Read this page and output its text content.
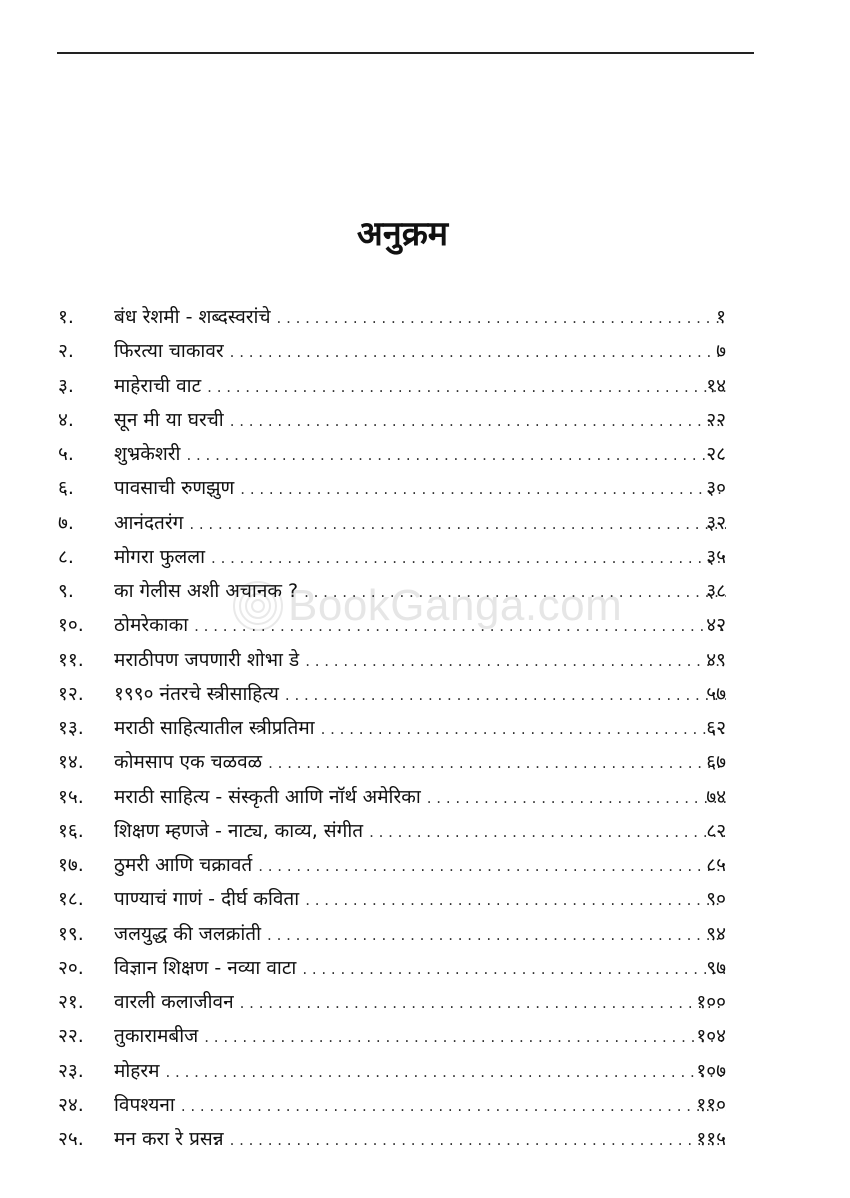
अनुक्रम
BookGanga.com
१. बंध रेशमी - शब्दस्वरांचे . . .	१
२. फिरत्या चाकावर . . .	७
३. माहेराची वाट . . .	१४
४. सून मी या घरची . . .	२२
५. शुभ्रकेशरी . . .	२८
६. पावसाची रुणझुण . . .	३०
७. आनंदतरंग . . .	३२
८. मोगरा फुलला . . .	३५
९. का गेलीस अशी अचानक ? . . .	३८
१०. ठोमरेकाका . . .	४२
११. मराठीपण जपणारी शोभा डे . . .	४९
१२. १९९० नंतरचे स्त्रीसाहित्य . . .	५७
१३. मराठी साहित्यातील स्त्रीप्रतिमा . . .	६२
१४. कोमसाप एक चळवळ . . .	६७
१५. मराठी साहित्य - संस्कृती आणि नॉर्थ अमेरिका . . .	७४
१६. शिक्षण म्हणजे - नाट्य, काव्य, संगीत . . .	८२
१७. ठुमरी आणि चक्रावर्त . . .	८५
१८. पाण्याचं गाणं - दीर्घ कविता . . .	९०
१९. जलयुद्ध की जलक्रांती . . .	९४
२०. विज्ञान शिक्षण - नव्या वाटा . . .	९७
२१. वारली कलाजीवन . . .	१००
२२. तुकारामबीज . . .	१०४
२३. मोहरम . . .	१०७
२४. विपश्यना . . .	११०
२५. मन करा रे प्रसन्न . . .	११५
